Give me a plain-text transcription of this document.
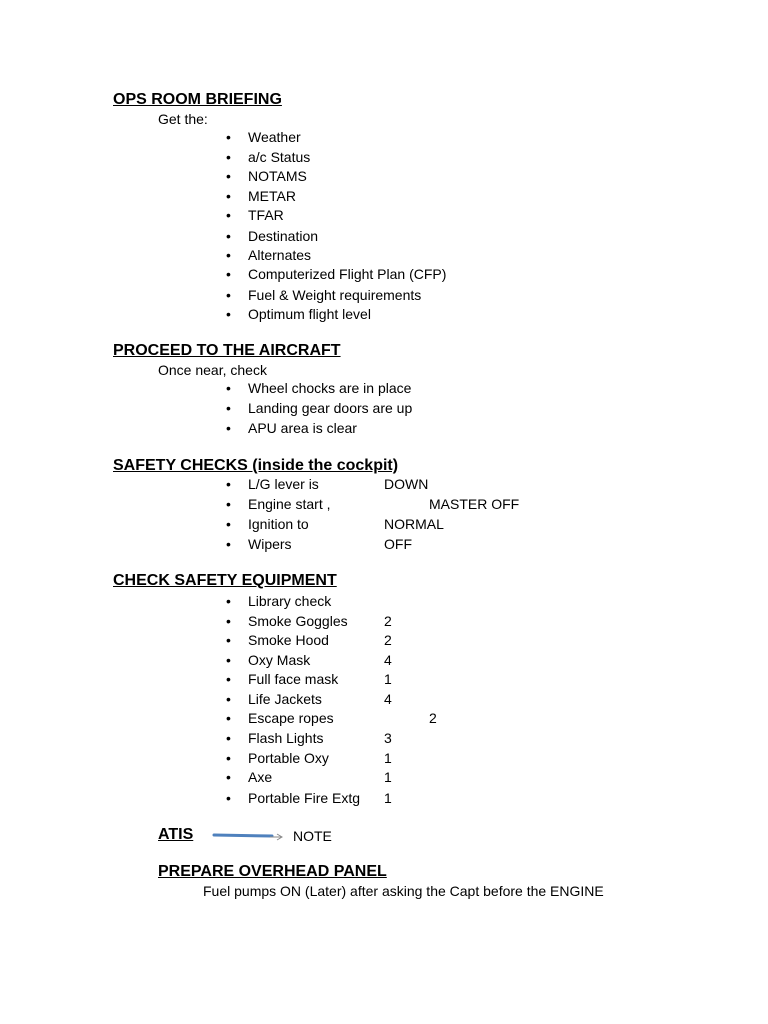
OPS ROOM BRIEFING
Get the:
• Weather
• a/c Status
• NOTAMS
• METAR
• TFAR
• Destination
• Alternates
• Computerized Flight Plan (CFP)
• Fuel & Weight requirements
• Optimum flight level
PROCEED TO THE AIRCRAFT
Once near, check
• Wheel chocks are in place
• Landing gear doors are up
• APU area is clear
SAFETY CHECKS (inside the cockpit)
• L/G lever is	DOWN
• Engine start ,	MASTER OFF
• Ignition to	NORMAL
• Wipers	OFF
CHECK SAFETY EQUIPMENT
• Library check
• Smoke Goggles	2
• Smoke Hood	2
• Oxy Mask	4
• Full face mask	1
• Life Jackets	4
• Escape ropes	2
• Flash Lights	3
• Portable Oxy	1
• Axe	1
• Portable Fire Extg 1
ATIS	NOTE
PREPARE OVERHEAD PANEL
Fuel pumps ON (Later) after asking the Capt before the ENGINE
